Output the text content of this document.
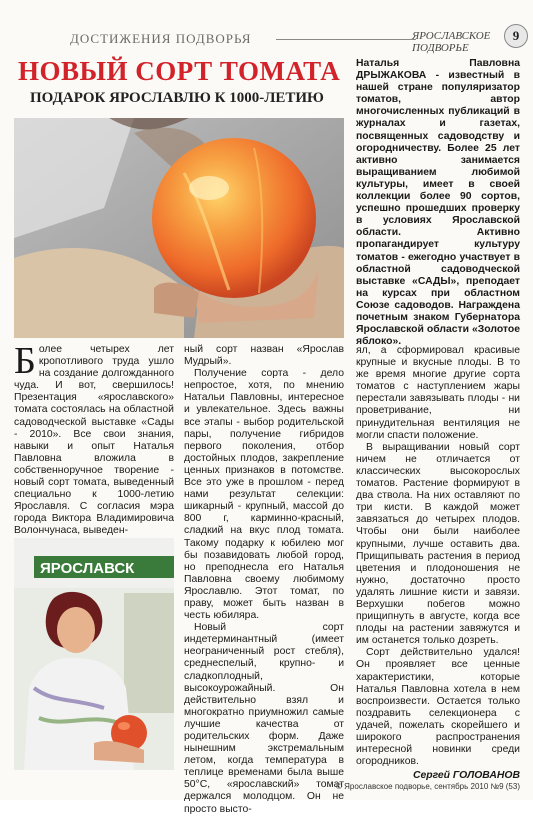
ДОСТИЖЕНИЯ ПОДВОРЬЯ	ЯРОСЛАВСКОЕ ПОДВОРЬЕ
9
НОВЫЙ СОРТ ТОМАТА
ПОДАРОК ЯРОСЛАВЛЮ К 1000-ЛЕТИЮ
Б олее четырех лет кропотливого труда ушло на создание долгожданного чуда. И вот, свершилось! Презентация «ярославского» томата состоялась на областной садоводческой выставке «Сады - 2010». Все свои знания, навыки и опыт Наталья Павловна вложила в собственноручное творение - новый сорт томата, выведенный специально к 1000-летию Ярославля. С согласия мэра города Виктора Владимировича Волончунаса, выведен-
ЯРОСЛАВСК

ный сорт назван «Ярослав Мудрый».

Получение сорта - дело непростое, хотя, по мнению Натальи Павловны, интересное и увлекательное. Здесь важны все этапы - выбор родительской пары, получение гибридов первого поколения, отбор достойных плодов, закрепление ценных признаков в потомстве. Все это уже в прошлом - перед нами результат селекции: шикарный - крупный, массой до 800 г, карминно-красный, сладкий на вкус плод томата. Такому подарку к юбилею мог бы позавидовать любой город, но преподнесла его Наталья Павловна своему любимому Ярославлю. Этот томат, по праву, может быть назван в честь юбиляра.

Новый сорт индетерминантный (имеет неограниченный рост стебля), среднеспелый, крупно- и сладкоплодный, высокоурожайный. Он действительно взял и многократно приумножил самые лучшие качества от родительских форм. Даже нынешним экстремальным летом, когда температура в теплице временами была выше 50°С, «ярославский» томат держался молодцом. Он не просто высто-

Наталья Павловна ДРЫЖАКОВА - известный в нашей стране популяризатор томатов, автор многочисленных публикаций в журналах и газетах, посвященных садоводству и огородничеству. Более 25 лет активно занимается выращиванием любимой культуры, имеет в своей коллекции более 90 сортов, успешно прошедших проверку в условиях Ярославской области. Активно пропагандирует культуру томатов - ежегодно участвует в областной садоводческой выставке «САДЫ», преподает на курсах при областном Союзе садоводов. Награждена почетным знаком Губернатора Ярославской области «Золотое яблоко».

ял, а сформировал красивые крупные и вкусные плоды. В то же время многие другие сорта томатов с наступлением жары перестали завязывать плоды - ни проветривание, ни принудительная вентиляция не могли спасти положение.

В выращивании новый сорт ничем не отличается от классических высокорослых томатов. Растение формируют в два ствола. На них оставляют по три кисти. В каждой может завязаться до четырех плодов. Чтобы они были наиболее крупными, лучше оставить два. Прищипывать растения в период цветения и плодоношения не нужно, достаточно просто удалять лишние кисти и завязи. Верхушки побегов можно прищипнуть в августе, когда все плоды на растении завяжутся и им останется только дозреть.

Сорт действительно удался! Он проявляет все ценные характеристики, которые Наталья Павловна хотела в нем воспроизвести. Остается только поздравить селекционера с удачей, пожелать скорейшего и широкого распространения интересной новинки среди огородников.

Сергей ГОЛОВАНОВ
© Ярославское подворье, сентябрь 2010 №9 (53)
